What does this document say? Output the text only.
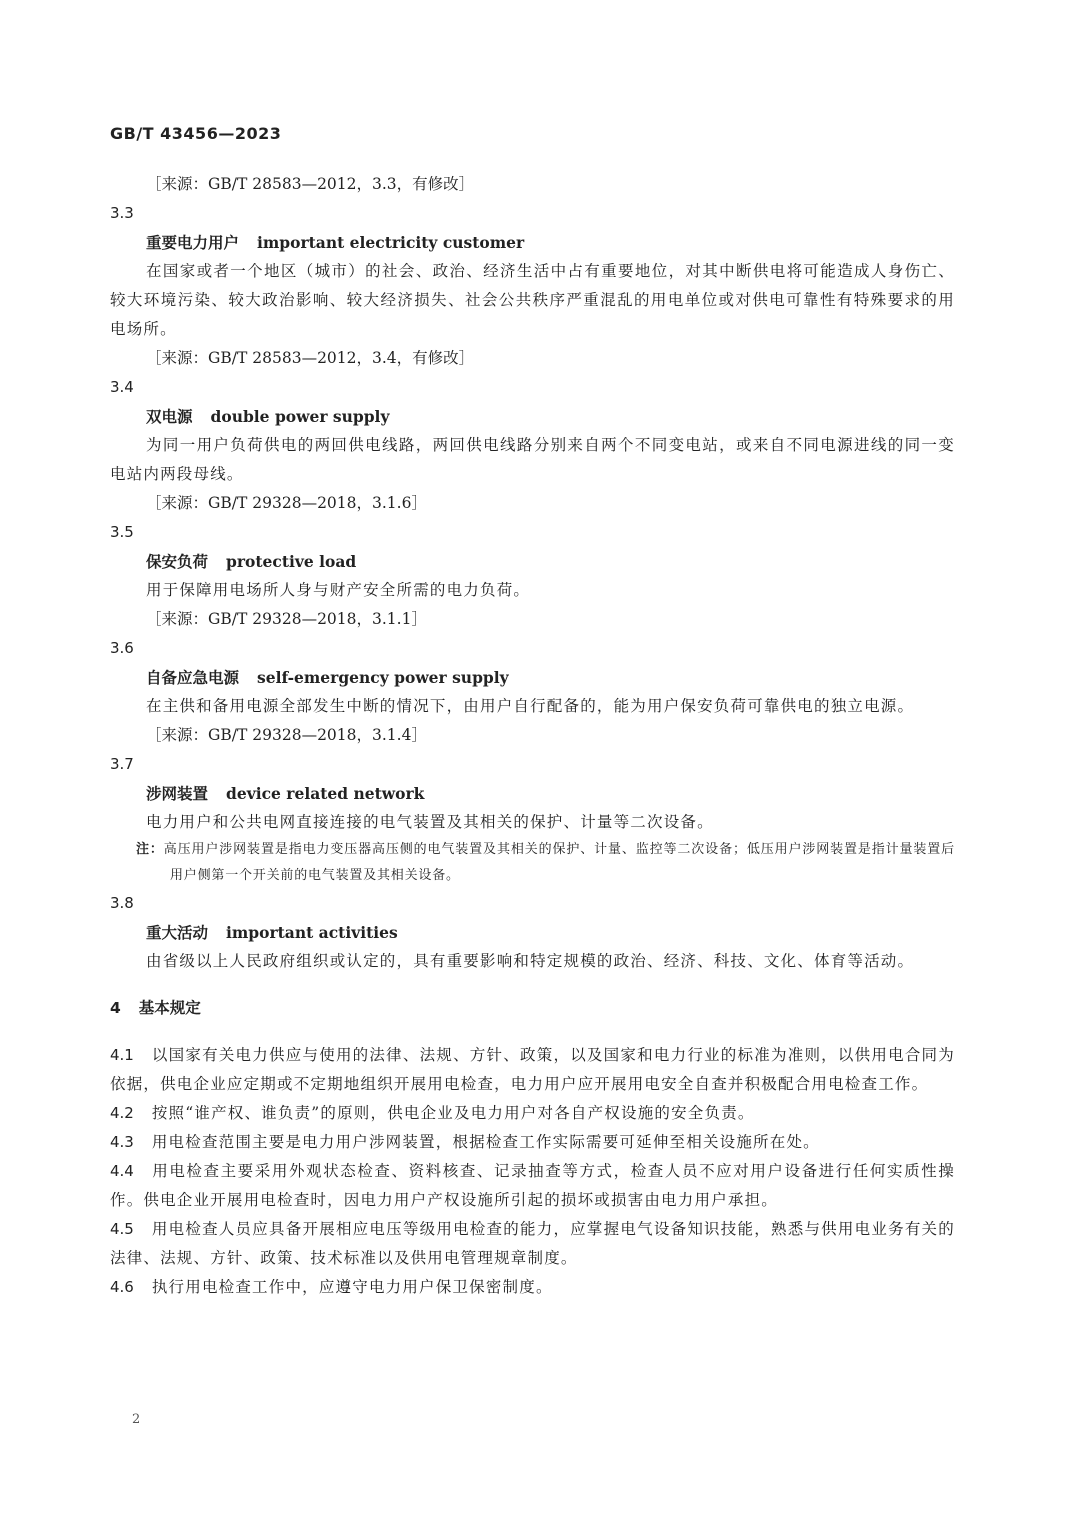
GB/T 43456—2023
［来源：GB/T 28583—2012，3.3，有修改］
3.3
重要电力用户 important electricity customer
在国家或者一个地区（城市）的社会、政治、经济生活中占有重要地位，对其中断供电将可能造成人身伤亡、较大环境污染、较大政治影响、较大经济损失、社会公共秩序严重混乱的用电单位或对供电可靠性有特殊要求的用电场所。
［来源：GB/T 28583—2012，3.4，有修改］
3.4
双电源 double power supply
为同一用户负荷供电的两回供电线路，两回供电线路分别来自两个不同变电站，或来自不同电源进线的同一变电站内两段母线。
［来源：GB/T 29328—2018，3.1.6］
3.5
保安负荷 protective load
用于保障用电场所人身与财产安全所需的电力负荷。
［来源：GB/T 29328—2018，3.1.1］
3.6
自备应急电源 self-emergency power supply
在主供和备用电源全部发生中断的情况下，由用户自行配备的，能为用户保安负荷可靠供电的独立电源。
［来源：GB/T 29328—2018，3.1.4］
3.7
涉网装置 device related network
电力用户和公共电网直接连接的电气装置及其相关的保护、计量等二次设备。
注：高压用户涉网装置是指电力变压器高压侧的电气装置及其相关的保护、计量、监控等二次设备；低压用户涉网装置是指计量装置后用户侧第一个开关前的电气装置及其相关设备。
3.8
重大活动 important activities
由省级以上人民政府组织或认定的，具有重要影响和特定规模的政治、经济、科技、文化、体育等活动。
4 基本规定
4.1 以国家有关电力供应与使用的法律、法规、方针、政策，以及国家和电力行业的标准为准则，以供用电合同为依据，供电企业应定期或不定期地组织开展用电检查，电力用户应开展用电安全自查并积极配合用电检查工作。
4.2 按照“谁产权、谁负责”的原则，供电企业及电力用户对各自产权设施的安全负责。
4.3 用电检查范围主要是电力用户涉网装置，根据检查工作实际需要可延伸至相关设施所在处。
4.4 用电检查主要采用外观状态检查、资料核查、记录抽查等方式，检查人员不应对用户设备进行任何实质性操作。供电企业开展用电检查时，因电力用户产权设施所引起的损坏或损害由电力用户承担。
4.5 用电检查人员应具备开展相应电压等级用电检查的能力，应掌握电气设备知识技能，熟悉与供用电业务有关的法律、法规、方针、政策、技术标准以及供用电管理规章制度。
4.6 执行用电检查工作中，应遵守电力用户保卫保密制度。
2
